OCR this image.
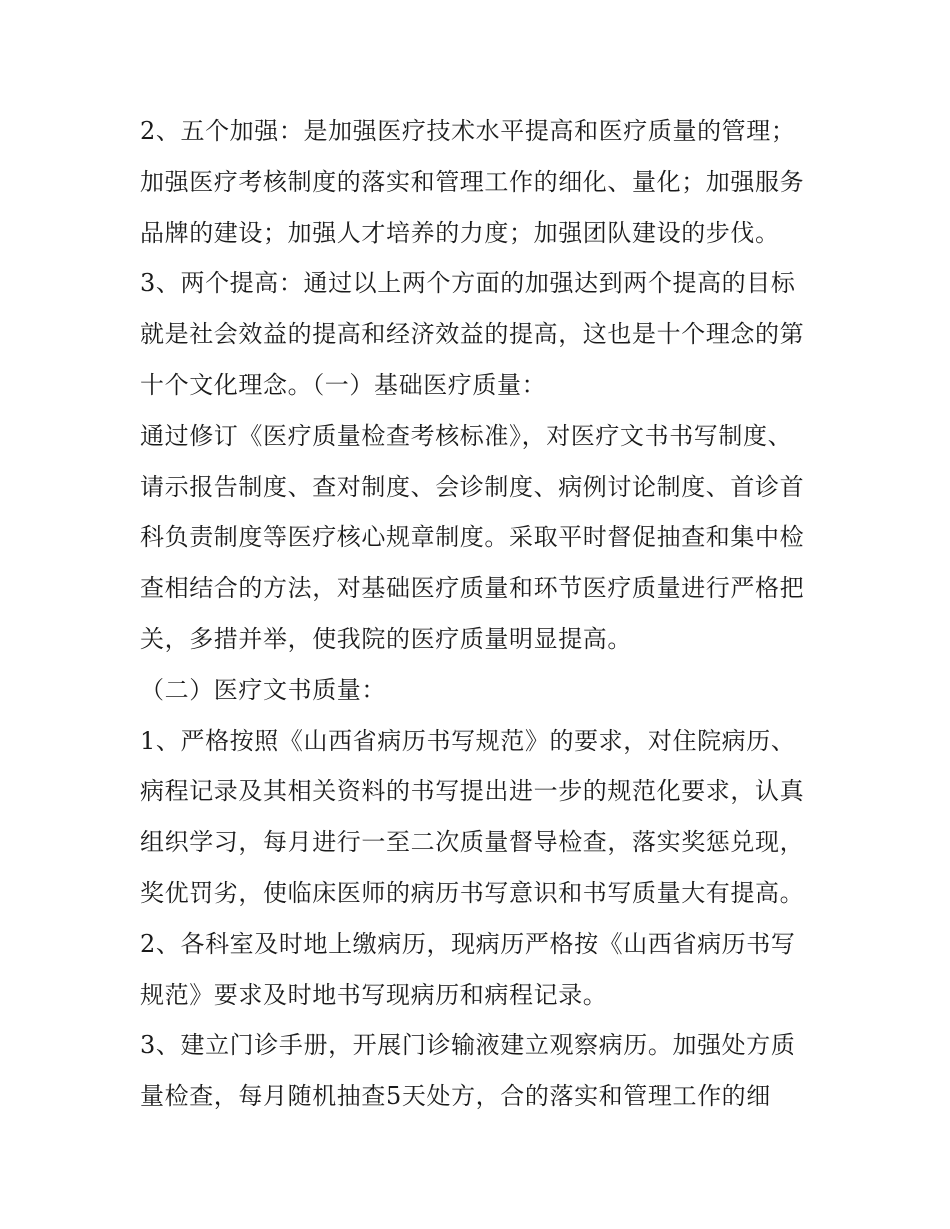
2、五个加强：是加强医疗技术水平提高和医疗质量的管理；
加强医疗考核制度的落实和管理工作的细化、量化；加强服务
品牌的建设；加强人才培养的力度；加强团队建设的步伐。
3、两个提高：通过以上两个方面的加强达到两个提高的目标
就是社会效益的提高和经济效益的提高，这也是十个理念的第
十个文化理念。（一）基础医疗质量：
通过修订《医疗质量检查考核标准》，对医疗文书书写制度、
请示报告制度、查对制度、会诊制度、病例讨论制度、首诊首
科负责制度等医疗核心规章制度。采取平时督促抽查和集中检
查相结合的方法，对基础医疗质量和环节医疗质量进行严格把
关，多措并举，使我院的医疗质量明显提高。
（二）医疗文书质量：
1、严格按照《山西省病历书写规范》的要求，对住院病历、
病程记录及其相关资料的书写提出进一步的规范化要求，认真
组织学习，每月进行一至二次质量督导检查，落实奖惩兑现，
奖优罚劣，使临床医师的病历书写意识和书写质量大有提高。
2、各科室及时地上缴病历，现病历严格按《山西省病历书写
规范》要求及时地书写现病历和病程记录。
3、建立门诊手册，开展门诊输液建立观察病历。加强处方质
量检查，每月随机抽查5天处方，合的落实和管理工作的细
